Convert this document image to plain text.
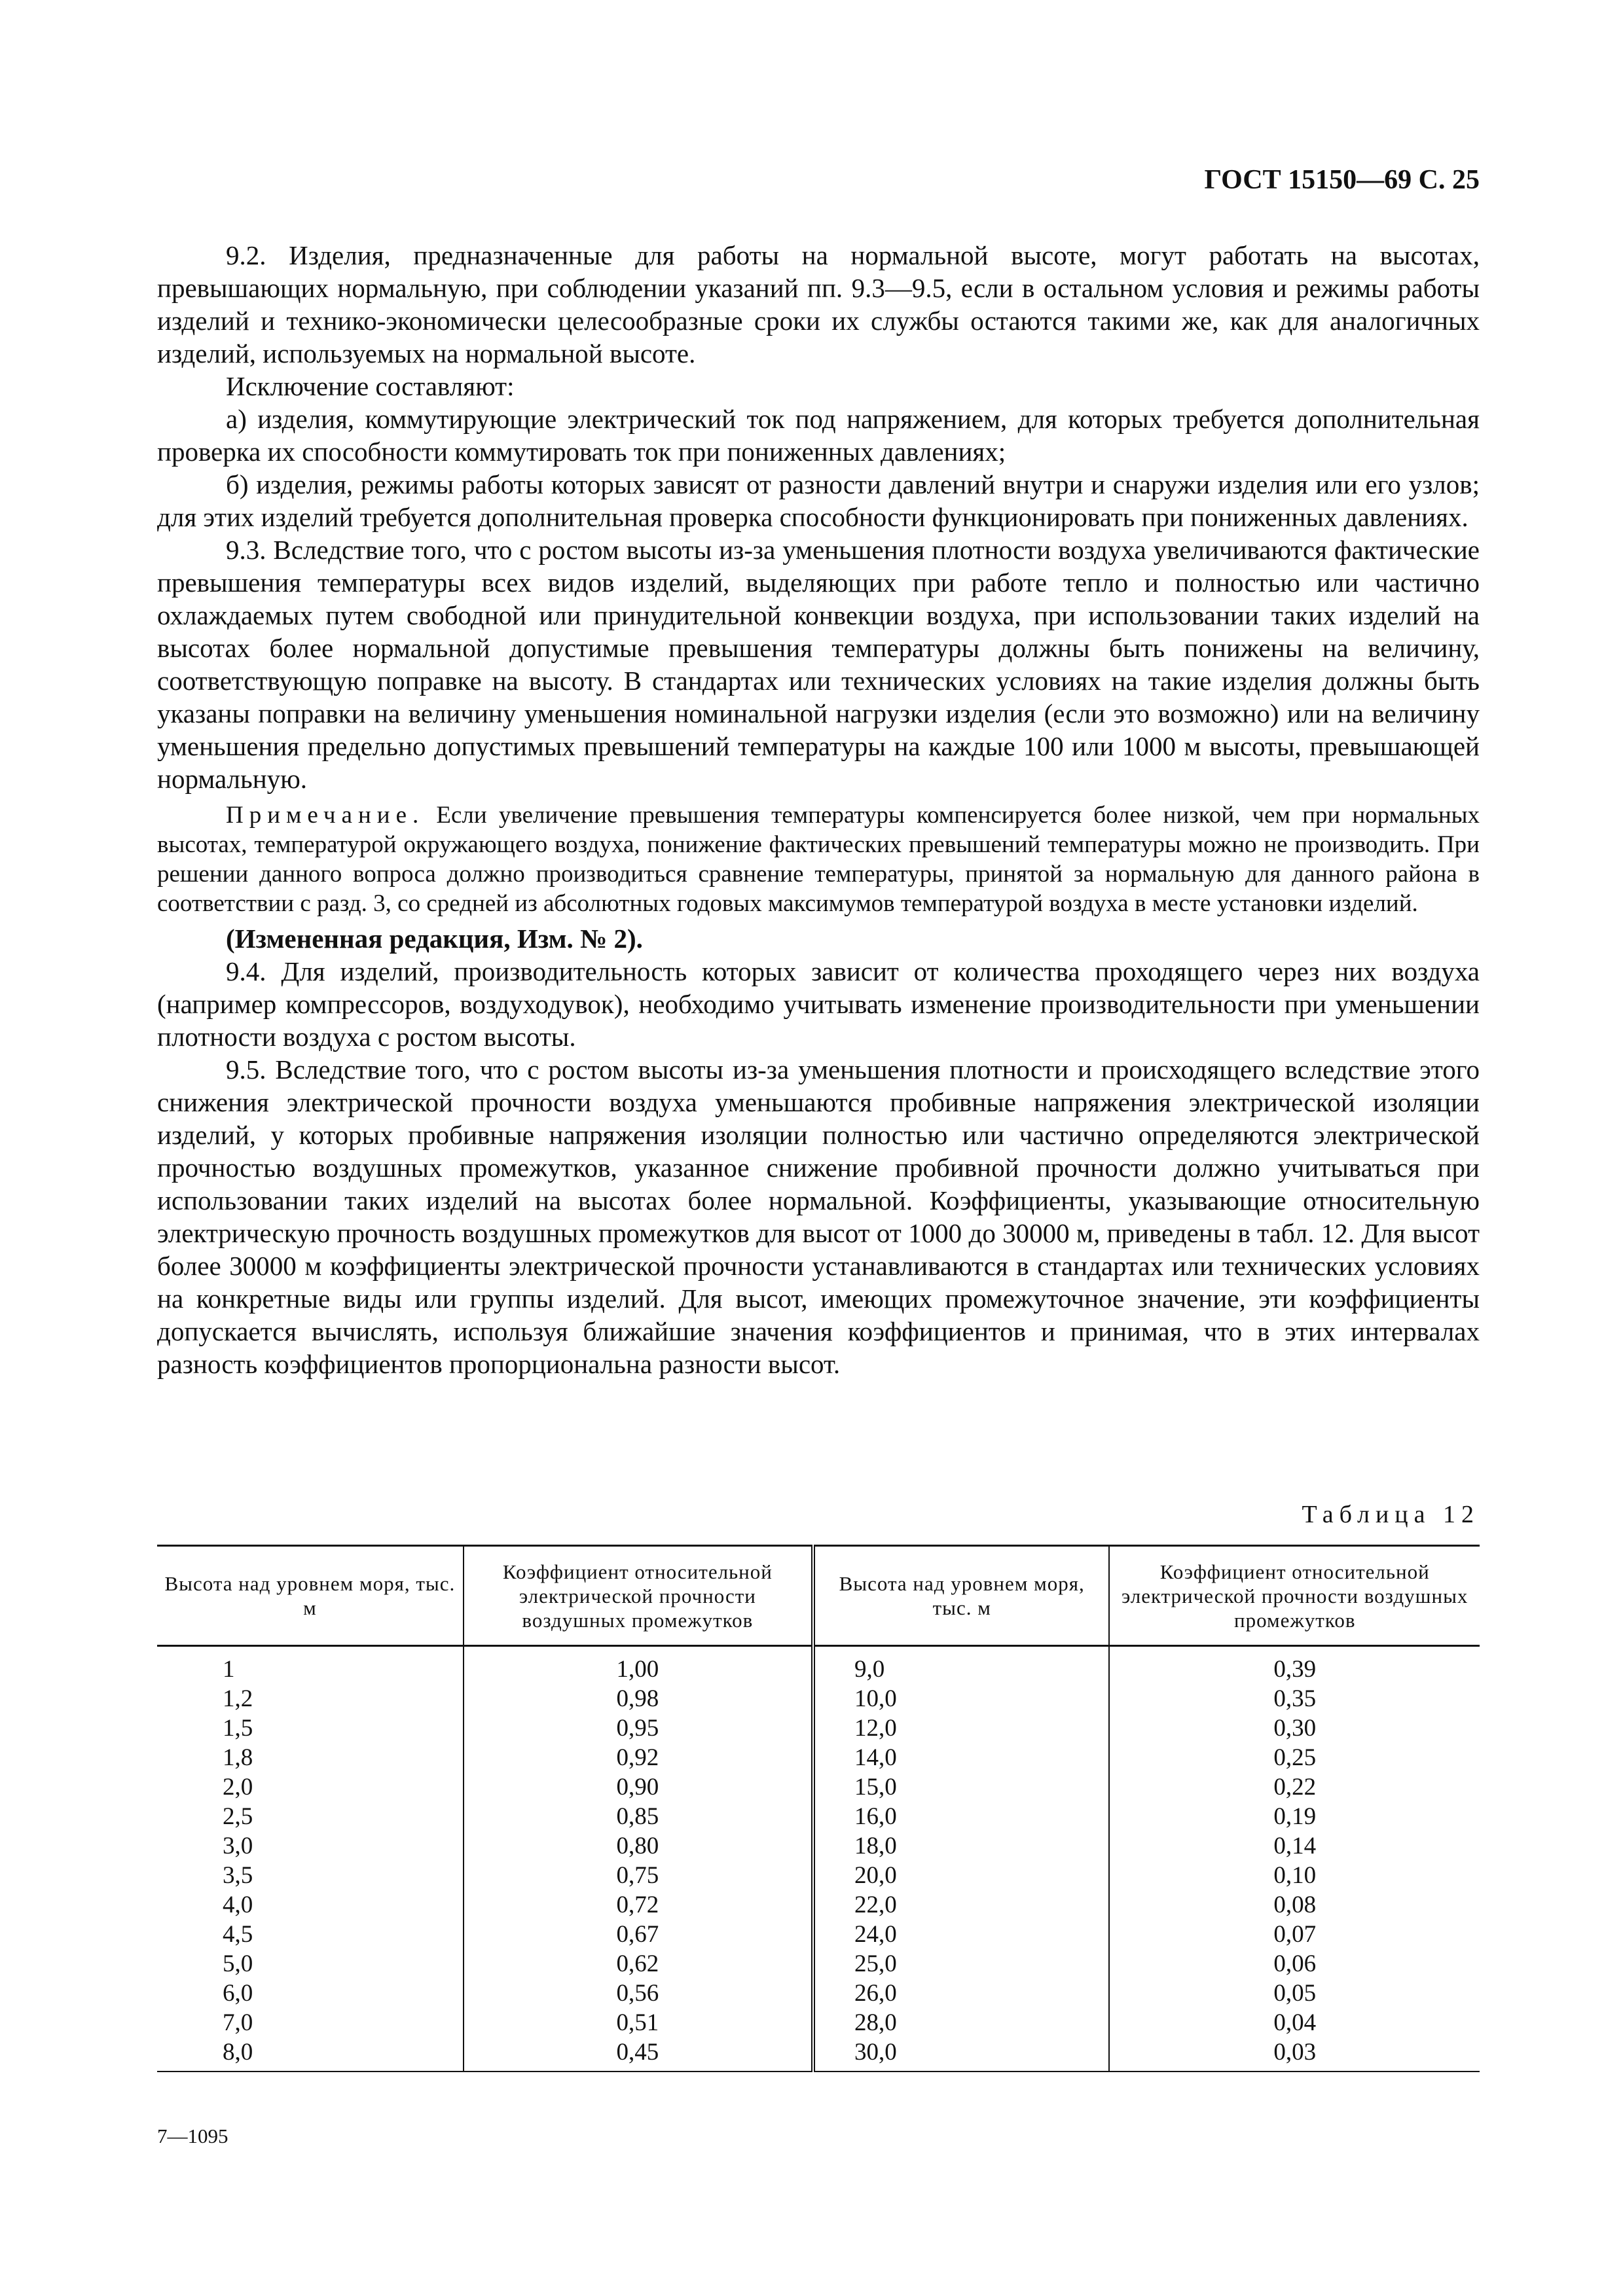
ГОСТ 15150—69 С. 25

9.2. Изделия, предназначенные для работы на нормальной высоте, могут работать на высотах, превышающих нормальную, при соблюдении указаний пп. 9.3—9.5, если в остальном условия и режимы работы изделий и технико-экономически целесообразные сроки их службы остаются такими же, как для аналогичных изделий, используемых на нормальной высоте.

Исключение составляют:

а) изделия, коммутирующие электрический ток под напряжением, для которых требуется дополнительная проверка их способности коммутировать ток при пониженных давлениях;

б) изделия, режимы работы которых зависят от разности давлений внутри и снаружи изделия или его узлов; для этих изделий требуется дополнительная проверка способности функционировать при пониженных давлениях.

9.3. Вследствие того, что с ростом высоты из-за уменьшения плотности воздуха увеличиваются фактические превышения температуры всех видов изделий, выделяющих при работе тепло и полностью или частично охлаждаемых путем свободной или принудительной конвекции воздуха, при использовании таких изделий на высотах более нормальной допустимые превышения температуры должны быть понижены на величину, соответствующую поправке на высоту. В стандартах или технических условиях на такие изделия должны быть указаны поправки на величину уменьшения номинальной нагрузки изделия (если это возможно) или на величину уменьшения предельно допустимых превышений температуры на каждые 100 или 1000 м высоты, превышающей нормальную.

Примечание. Если увеличение превышения температуры компенсируется более низкой, чем при нормальных высотах, температурой окружающего воздуха, понижение фактических превышений температуры можно не производить. При решении данного вопроса должно производиться сравнение температуры, принятой за нормальную для данного района в соответствии с разд. 3, со средней из абсолютных годовых максимумов температурой воздуха в месте установки изделий.

(Измененная редакция, Изм. № 2).

9.4. Для изделий, производительность которых зависит от количества проходящего через них воздуха (например компрессоров, воздуходувок), необходимо учитывать изменение производительности при уменьшении плотности воздуха с ростом высоты.

9.5. Вследствие того, что с ростом высоты из-за уменьшения плотности и происходящего вследствие этого снижения электрической прочности воздуха уменьшаются пробивные напряжения электрической изоляции изделий, у которых пробивные напряжения изоляции полностью или частично определяются электрической прочностью воздушных промежутков, указанное снижение пробивной прочности должно учитываться при использовании таких изделий на высотах более нормальной. Коэффициенты, указывающие относительную электрическую прочность воздушных промежутков для высот от 1000 до 30000 м, приведены в табл. 12. Для высот более 30000 м коэффициенты электрической прочности устанавливаются в стандартах или технических условиях на конкретные виды или группы изделий. Для высот, имеющих промежуточное значение, эти коэффициенты допускается вычислять, используя ближайшие значения коэффициентов и принимая, что в этих интервалах разность коэффициентов пропорциональна разности высот.

Таблица 12
Высота над уровнем моря, тыс. м	Коэффициент относительной электрической прочности воздушных промежутков	Высота над уровнем моря, тыс. м	Коэффициент относительной электрической прочности воздушных промежутков
1	1,00	9,0	0,39
1,2	0,98	10,0	0,35
1,5	0,95	12,0	0,30
1,8	0,92	14,0	0,25
2,0	0,90	15,0	0,22
2,5	0,85	16,0	0,19
3,0	0,80	18,0	0,14
3,5	0,75	20,0	0,10
4,0	0,72	22,0	0,08
4,5	0,67	24,0	0,07
5,0	0,62	25,0	0,06
6,0	0,56	26,0	0,05
7,0	0,51	28,0	0,04
8,0	0,45	30,0	0,03
7—1095
